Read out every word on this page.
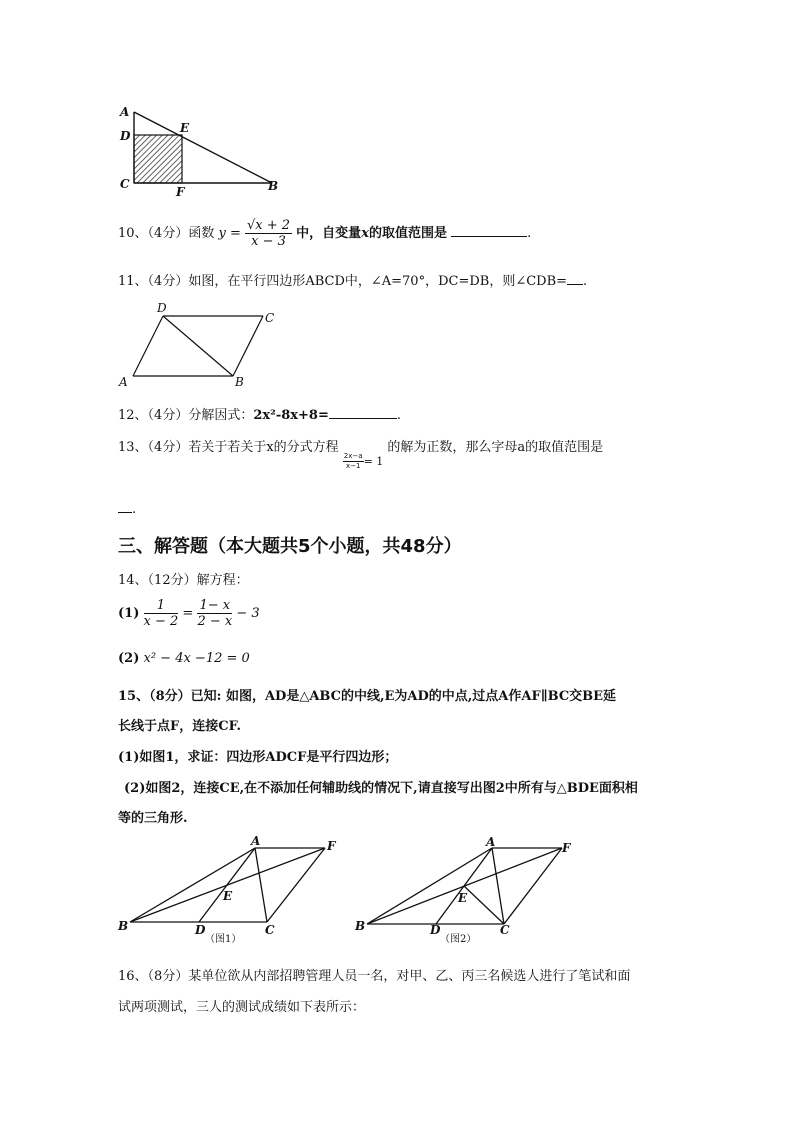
A
D
E
C
F	B
10、（4分）函数 $y = \frac{√x + 2}{x - 3}$ 中，自变量x的取值范围是	.
11、（4分）如图，在平行四边形ABCD中，∠A=70°，DC=DB，则∠CDB= .
D
C
A	B
12、（4分）分解因式：2x²-8x+8=	.
13、（4分）若关于若关于x的分式方程
$\frac{2x-a}{x-1}_{= 1}$ 的解为正数，那么字母a的取值范围是
.
三、解答题（本大题共5个小题，共48分）
14、（12分）解方程：
$(1) \frac{1}{x - 2} = \frac{1- x}{2 - x} - 3$
(2) x² − 4x −12 = 0
15、（8分）已知: 如图，AD是△ABC的中线,E为AD的中点,过点A作AF∥BC交BE延
长线于点F，连接CF.
(1)如图1，求证：四边形ADCF是平行四边形；
(2)如图2，连接CE,在不添加任何辅助线的情况下,请直接写出图2中所有与△BDE面积相
等的三角形.
A	F
E
B	D	C
（图1）
A	F
E
B	D	C
（图2）
16、（8分）某单位欲从内部招聘管理人员一名，对甲、乙、丙三名候选人进行了笔试和面
试两项测试，三人的测试成绩如下表所示：
